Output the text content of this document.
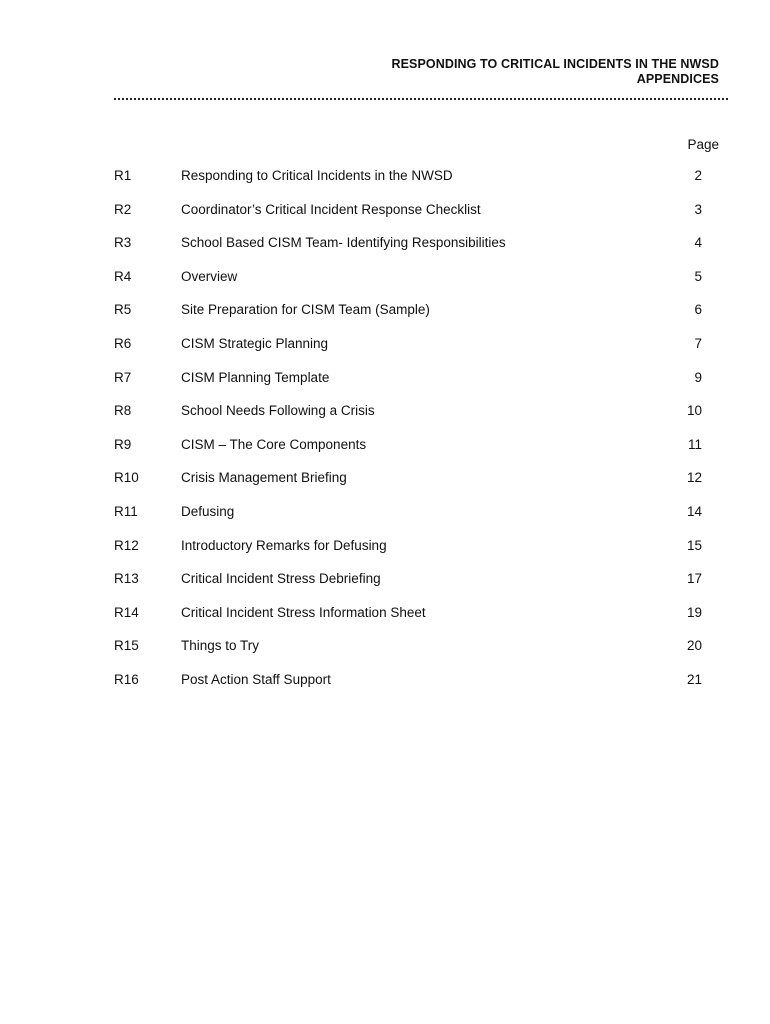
RESPONDING TO CRITICAL INCIDENTS IN THE NWSD
APPENDICES
Page
R1	Responding to Critical Incidents in the NWSD	2
R2	Coordinator’s Critical Incident Response Checklist	3
R3	School Based CISM Team- Identifying Responsibilities	4
R4	Overview	5
R5	Site Preparation for CISM Team (Sample)	6
R6	CISM Strategic Planning	7
R7	CISM Planning Template	9
R8	School Needs Following a Crisis	10
R9	CISM – The Core Components	11
R10	Crisis Management Briefing	12
R11	Defusing	14
R12	Introductory Remarks for Defusing	15
R13	Critical Incident Stress Debriefing	17
R14	Critical Incident Stress Information Sheet	19
R15	Things to Try	20
R16	Post Action Staff Support	21
